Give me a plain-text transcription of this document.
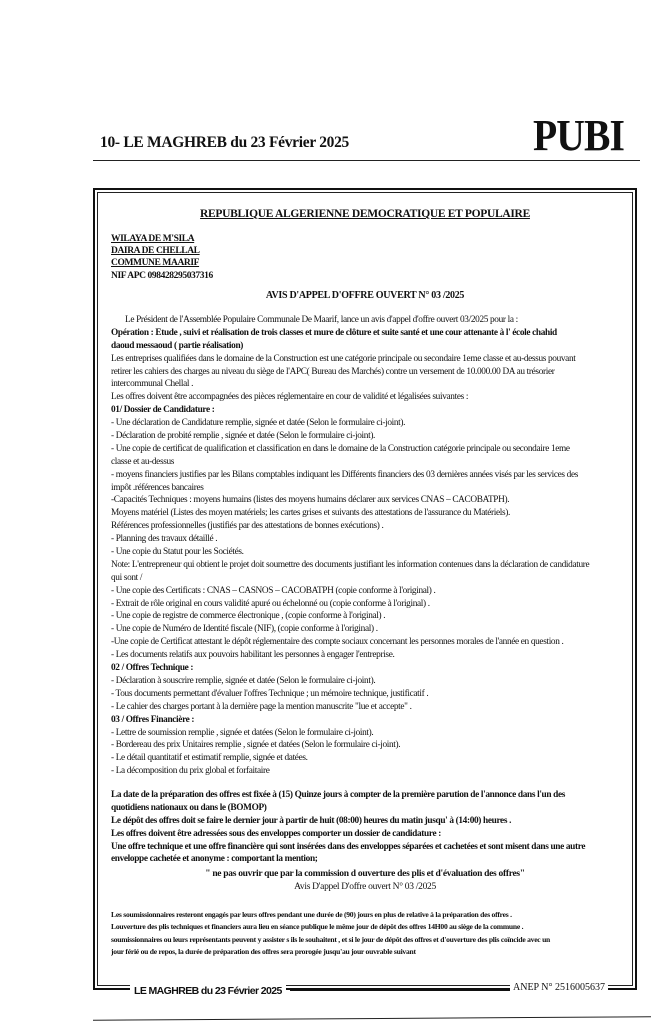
10- LE MAGHREB du 23 Février 2025	PUBI
REPUBLIQUE ALGERIENNE DEMOCRATIQUE ET POPULAIRE
WILAYA DE M'SILA
DAIRA DE CHELLAL
COMMUNE MAARIF
NIF APC 098428295037316
AVIS D'APPEL D'OFFRE OUVERT N° 03 /2025
Le Président de l'Assemblée Populaire Communale De Maarif, lance un avis d'appel d'offre ouvert 03/2025 pour la :
Opération : Etude , suivi et réalisation de trois classes et mure de clôture et suite santé et une cour attenante à l' école chahid
daoud messaoud ( partie réalisation)
Les entreprises qualifiées dans le domaine de la Construction est une catégorie principale ou secondaire 1eme classe et au-dessus pouvant
retirer les cahiers des charges au niveau du siège de l'APC( Bureau des Marchés) contre un versement de 10.000.00 DA au trésorier
intercommunal Chellal .
Les offres doivent être accompagnées des pièces réglementaire en cour de validité et légalisées suivantes :
01/ Dossier de Candidature :
- Une déclaration de Candidature remplie, signée et datée (Selon le formulaire ci-joint).
- Déclaration de probité remplie , signée et datée (Selon le formulaire ci-joint).
- Une copie de certificat de qualification et classification en dans le domaine de la Construction catégorie principale ou secondaire 1eme
classe et au-dessus
- moyens financiers justifies par les Bilans comptables indiquant les Différents financiers des 03 dernières années visés par les services des
impôt .références bancaires
-Capacités Techniques : moyens humains (listes des moyens humains déclarer aux services CNAS – CACOBATPH).
Moyens matériel (Listes des moyen matériels; les cartes grises et suivants des attestations de l'assurance du Matériels).
Références professionnelles (justifiés par des attestations de bonnes exécutions) .
- Planning des travaux détaillé .
- Une copie du Statut pour les Sociétés.
Note: L'entrepreneur qui obtient le projet doit soumettre des documents justifiant les information contenues dans la déclaration de candidature
qui sont /
- Une copie des Certificats : CNAS – CASNOS – CACOBATPH (copie conforme à l'original) .
- Extrait de rôle original en cours validité apuré ou échelonné ou (copie conforme à l'original) .
- Une copie de registre de commerce électronique , (copie conforme à l'original) .
- Une copie de Numéro de Identité fiscale (NIF), (copie conforme à l'original) .
-Une copie de Certificat attestant le dépôt réglementaire des compte sociaux concernant les personnes morales de l'année en question .
- Les documents relatifs aux pouvoirs habilitant les personnes à engager l'entreprise.
02 / Offres Technique :
- Déclaration à souscrire remplie, signée et datée (Selon le formulaire ci-joint).
- Tous documents permettant d'évaluer l'offres Technique ; un mémoire technique, justificatif .
- Le cahier des charges portant à la dernière page la mention manuscrite "lue et accepte" .
03 / Offres Financière :
- Lettre de soumission remplie , signée et datées (Selon le formulaire ci-joint).
- Bordereau des prix Unitaires remplie , signée et datées (Selon le formulaire ci-joint).
- Le détail quantitatif et estimatif remplie, signée et datées.
- La décomposition du prix global et forfaitaire
La date de la préparation des offres est fixée à (15) Quinze jours à compter de la première parution de l'annonce dans l'un des
quotidiens nationaux ou dans le (BOMOP)
Le dépôt des offres doit se faire le dernier jour à partir de huit (08:00) heures du matin jusqu' à (14:00) heures .
Les offres doivent être adressées sous des enveloppes comporter un dossier de candidature :
Une offre technique et une offre financière qui sont insérées dans des enveloppes séparées et cachetées et sont misent dans une autre
enveloppe cachetée et anonyme : comportant la mention;
" ne pas ouvrir que par la commission d ouverture des plis et d'évaluation des offres"
Avis D'appel D'offre ouvert N° 03 /2025
Les soumissionnaires resteront engagés par leurs offres pendant une durée de (90) jours en plus de relative à la préparation des offres .
Louverture des plis techniques et financiers aura lieu en séance publique le même jour de dépôt des offres 14H00 au siège de la commune .
soumissionnaires ou leurs représentants peuvent y assister s ils le souhaitent , et si le jour de dépôt des offres et d'ouverture des plis coïncide avec un
jour férié ou de repos, la durée de préparation des offres sera prorogée jusqu'au jour ouvrable suivant
LE MAGHREB du 23 Février 2025	ANEP N° 2516005637
